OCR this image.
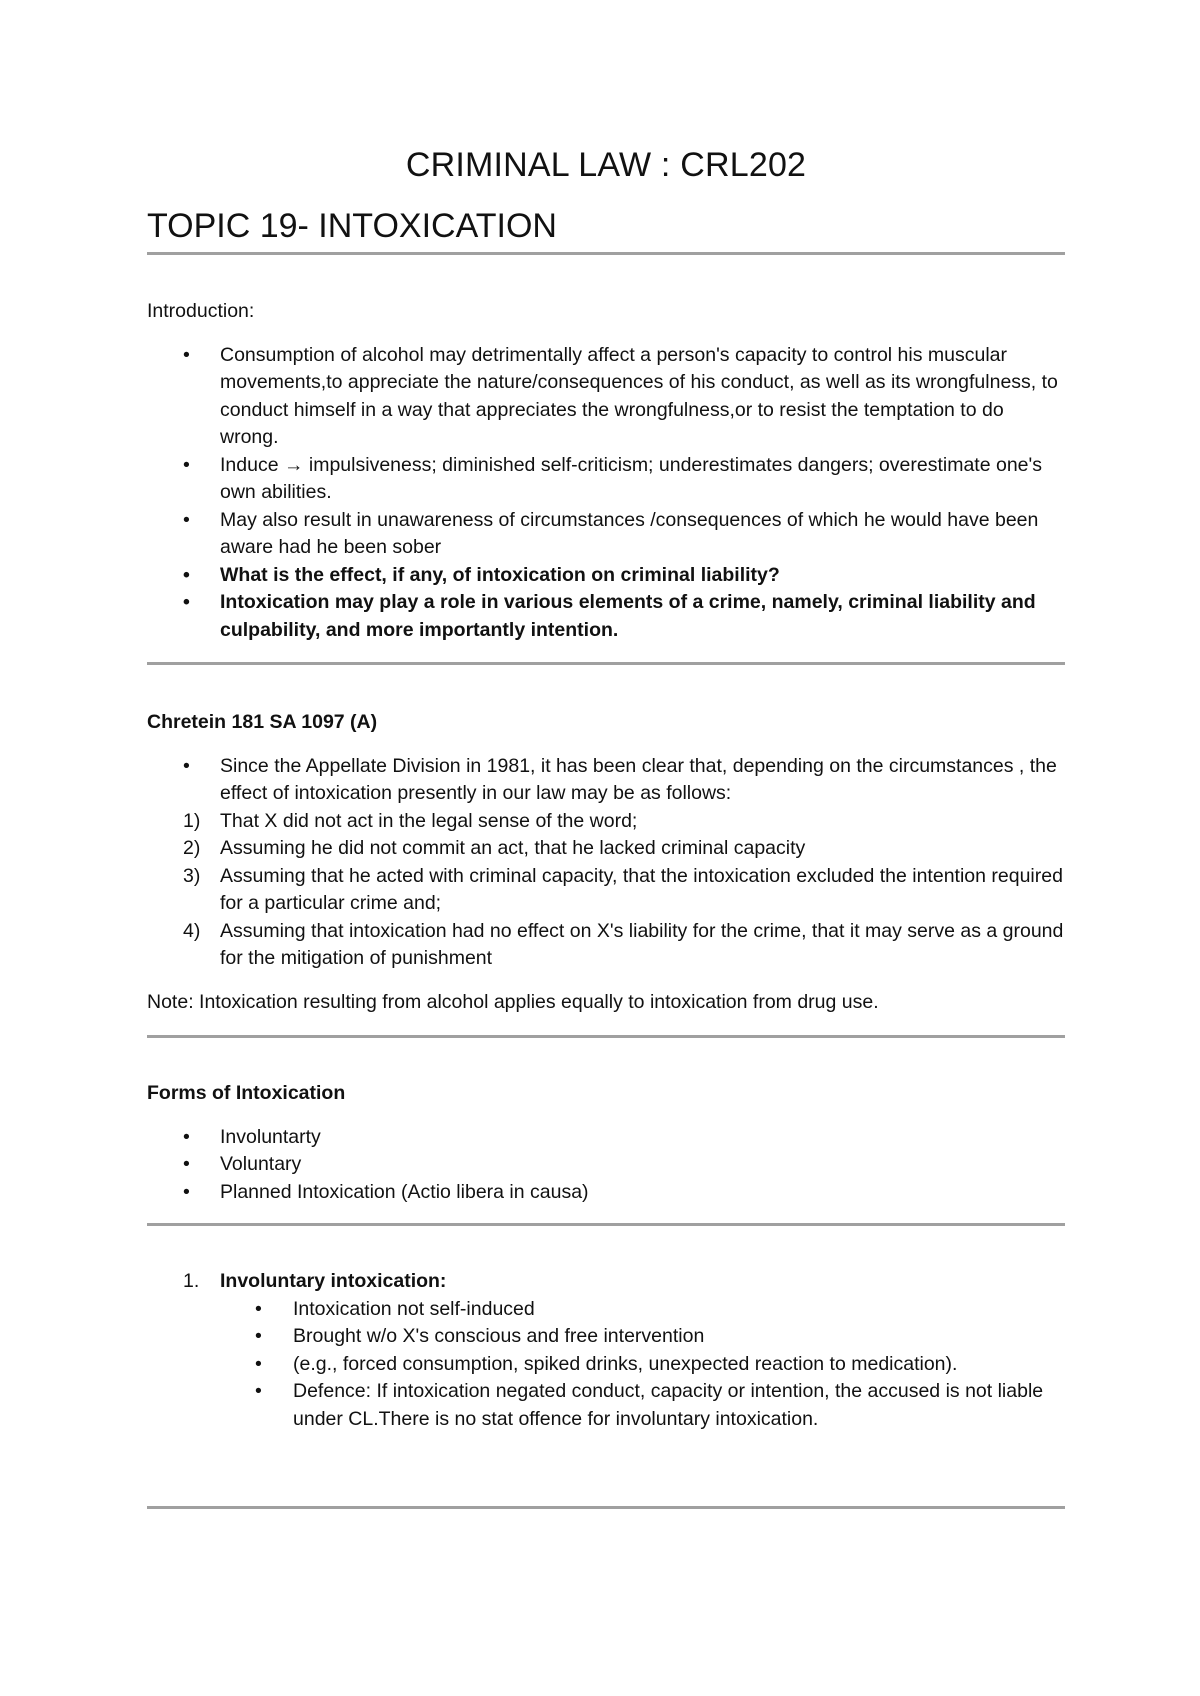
CRIMINAL LAW : CRL202
TOPIC 19- INTOXICATION
Introduction:
• Consumption of alcohol may detrimentally affect a person's capacity to control his muscular movements,to appreciate the nature/consequences of his conduct, as well as its wrongfulness, to conduct himself in a way that appreciates the wrongfulness,or to resist the temptation to do wrong.
• Induce → impulsiveness; diminished self-criticism; underestimates dangers; overestimate one's own abilities.
• May also result in unawareness of circumstances /consequences of which he would have been aware had he been sober
• What is the effect, if any, of intoxication on criminal liability?
• Intoxication may play a role in various elements of a crime, namely, criminal liability and culpability, and more importantly intention.
Chretein 181 SA 1097 (A)
• Since the Appellate Division in 1981, it has been clear that, depending on the circumstances , the effect of intoxication presently in our law may be as follows:
1) That X did not act in the legal sense of the word;
2) Assuming he did not commit an act, that he lacked criminal capacity
3) Assuming that he acted with criminal capacity, that the intoxication excluded the intention required for a particular crime and;
4) Assuming that intoxication had no effect on X's liability for the crime, that it may serve as a ground for the mitigation of punishment
Note: Intoxication resulting from alcohol applies equally to intoxication from drug use.
Forms of Intoxication
• Involuntarty
• Voluntary
• Planned Intoxication (Actio libera in causa)
1. Involuntary intoxication:
• Intoxication not self-induced
• Brought w/o X's conscious and free intervention
• (e.g., forced consumption, spiked drinks, unexpected reaction to medication).
• Defence: If intoxication negated conduct, capacity or intention, the accused is not liable under CL.There is no stat offence for involuntary intoxication.
